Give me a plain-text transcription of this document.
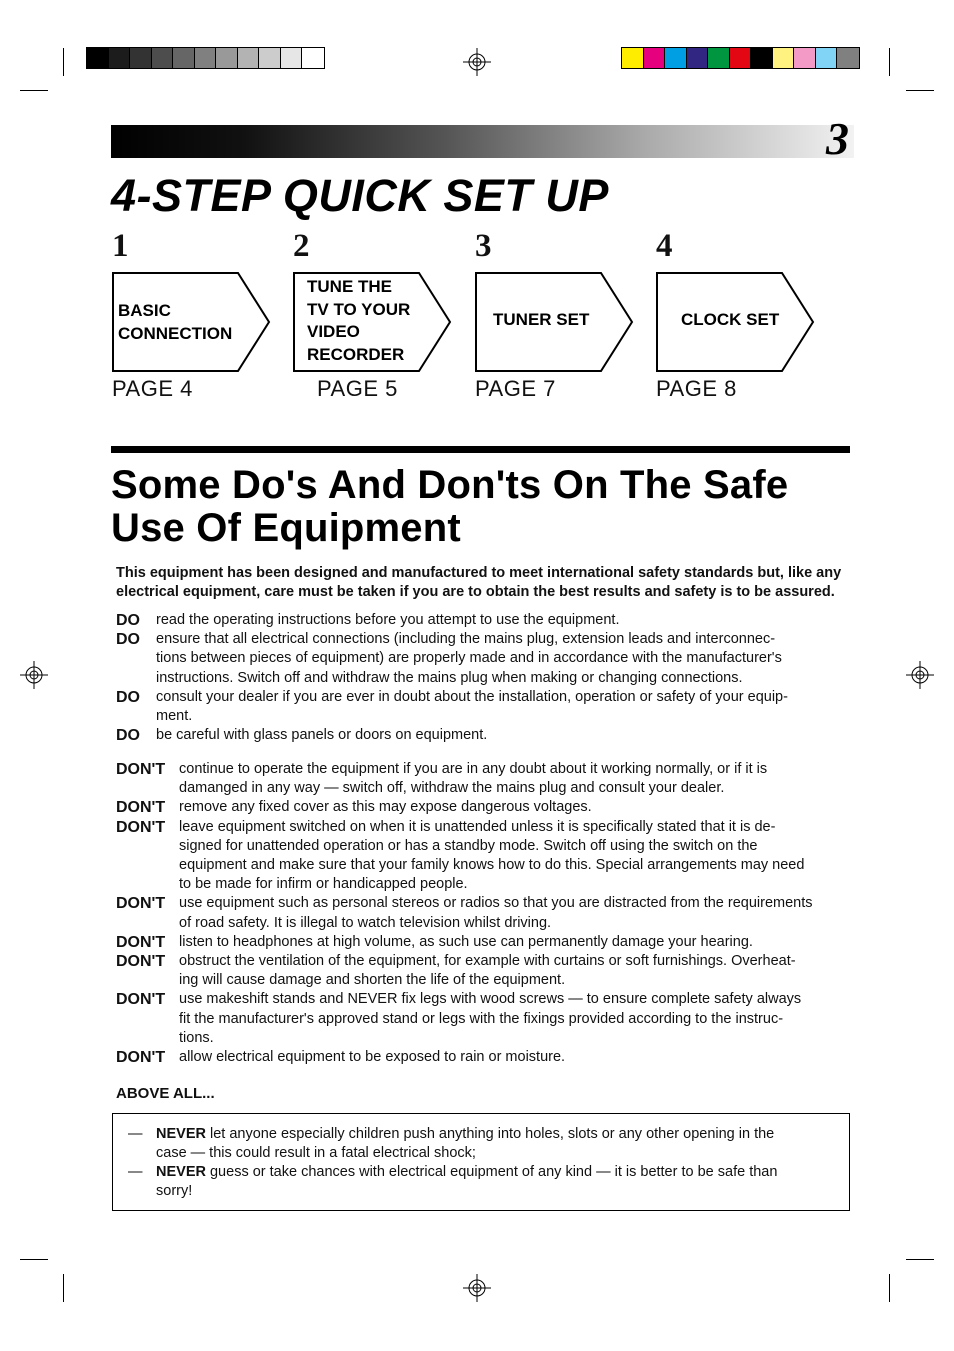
3
4-STEP QUICK SET UP
1
BASIC
CONNECTION
PAGE 4
2
TUNE THE
TV TO YOUR
VIDEO
RECORDER
PAGE 5
3
TUNER SET
PAGE 7
4
CLOCK SET
PAGE 8
Some Do's And Don'ts On The Safe
Use Of Equipment
This equipment has been designed and manufactured to meet international safety standards but, like any electrical equipment, care must be taken if you are to obtain the best results and safety is to be assured.
DO read the operating instructions before you attempt to use the equipment.
DO ensure that all electrical connections (including the mains plug, extension leads and interconnec-
tions between pieces of equipment) are properly made and in accordance with the manufacturer's
instructions. Switch off and withdraw the mains plug when making or changing connections.
DO consult your dealer if you are ever in doubt about the installation, operation or safety of your equip-
ment.
DO be careful with glass panels or doors on equipment.
DON'T continue to operate the equipment if you are in any doubt about it working normally, or if it is
damanged in any way — switch off, withdraw the mains plug and consult your dealer.
DON'T remove any fixed cover as this may expose dangerous voltages.
DON'T leave equipment switched on when it is unattended unless it is specifically stated that it is de-
signed for unattended operation or has a standby mode. Switch off using the switch on the
equipment and make sure that your family knows how to do this. Special arrangements may need
to be made for infirm or handicapped people.
DON'T use equipment such as personal stereos or radios so that you are distracted from the requirements
of road safety. It is illegal to watch television whilst driving.
DON'T listen to headphones at high volume, as such use can permanently damage your hearing.
DON'T obstruct the ventilation of the equipment, for example with curtains or soft furnishings. Overheat-
ing will cause damage and shorten the life of the equipment.
DON'T use makeshift stands and NEVER fix legs with wood screws — to ensure complete safety always
fit the manufacturer's approved stand or legs with the fixings provided according to the instruc-
tions.
DON'T allow electrical equipment to be exposed to rain or moisture.
ABOVE ALL...
— NEVER let anyone especially children push anything into holes, slots or any other opening in the
case — this could result in a fatal electrical shock;
— NEVER guess or take chances with electrical equipment of any kind — it is better to be safe than
sorry!
